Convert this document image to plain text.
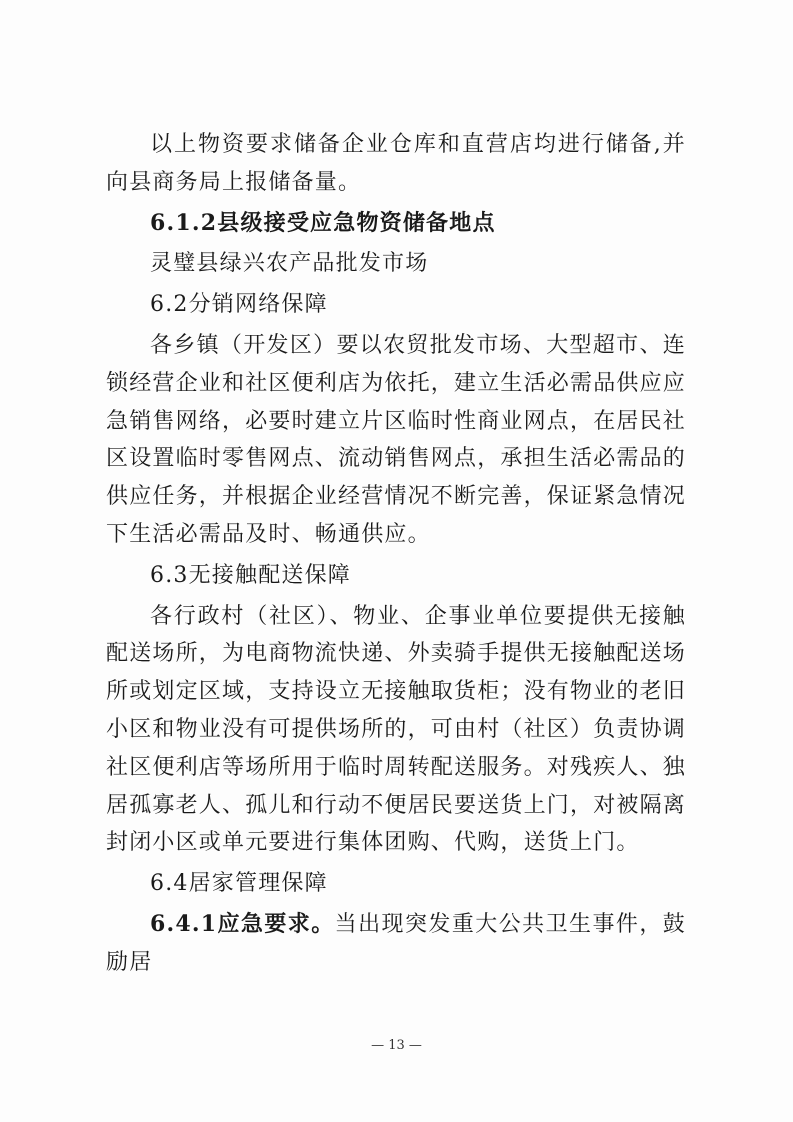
以上物资要求储备企业仓库和直营店均进行储备,并向县商务局上报储备量。

6.1.2县级接受应急物资储备地点

灵璧县绿兴农产品批发市场

6.2分销网络保障

各乡镇（开发区）要以农贸批发市场、大型超市、连锁经营企业和社区便利店为依托，建立生活必需品供应应急销售网络，必要时建立片区临时性商业网点，在居民社区设置临时零售网点、流动销售网点，承担生活必需品的供应任务，并根据企业经营情况不断完善，保证紧急情况下生活必需品及时、畅通供应。

6.3无接触配送保障

各行政村（社区）、物业、企事业单位要提供无接触配送场所，为电商物流快递、外卖骑手提供无接触配送场所或划定区域，支持设立无接触取货柜；没有物业的老旧小区和物业没有可提供场所的，可由村（社区）负责协调社区便利店等场所用于临时周转配送服务。对残疾人、独居孤寡老人、孤儿和行动不便居民要送货上门，对被隔离封闭小区或单元要进行集体团购、代购，送货上门。

6.4居家管理保障

6.4.1应急要求。当出现突发重大公共卫生事件，鼓励居

— 13 —
